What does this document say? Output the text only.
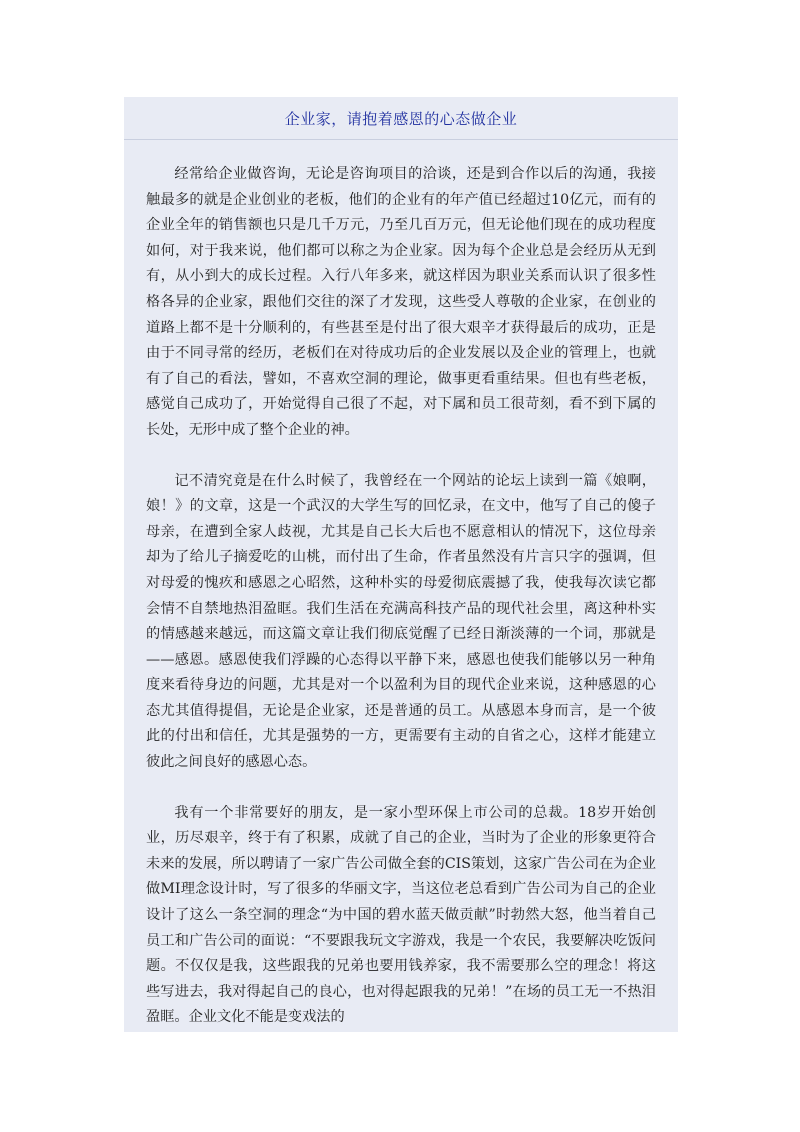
企业家，请抱着感恩的心态做企业

经常给企业做咨询，无论是咨询项目的洽谈，还是到合作以后的沟通，我接触最多的就是企业创业的老板，他们的企业有的年产值已经超过10亿元，而有的企业全年的销售额也只是几千万元，乃至几百万元，但无论他们现在的成功程度如何，对于我来说，他们都可以称之为企业家。因为每个企业总是会经历从无到有，从小到大的成长过程。入行八年多来，就这样因为职业关系而认识了很多性格各异的企业家，跟他们交往的深了才发现，这些受人尊敬的企业家，在创业的道路上都不是十分顺利的，有些甚至是付出了很大艰辛才获得最后的成功，正是由于不同寻常的经历，老板们在对待成功后的企业发展以及企业的管理上，也就有了自己的看法，譬如，不喜欢空洞的理论，做事更看重结果。但也有些老板，感觉自己成功了，开始觉得自己很了不起，对下属和员工很苛刻，看不到下属的长处，无形中成了整个企业的神。

记不清究竟是在什么时候了，我曾经在一个网站的论坛上读到一篇《娘啊，娘！》的文章，这是一个武汉的大学生写的回忆录，在文中，他写了自己的傻子母亲，在遭到全家人歧视，尤其是自己长大后也不愿意相认的情况下，这位母亲却为了给儿子摘爱吃的山桃，而付出了生命，作者虽然没有片言只字的强调，但对母爱的愧疚和感恩之心昭然，这种朴实的母爱彻底震撼了我，使我每次读它都会情不自禁地热泪盈眶。我们生活在充满高科技产品的现代社会里，离这种朴实的情感越来越远，而这篇文章让我们彻底觉醒了已经日渐淡薄的一个词，那就是——感恩。感恩使我们浮躁的心态得以平静下来，感恩也使我们能够以另一种角度来看待身边的问题，尤其是对一个以盈利为目的现代企业来说，这种感恩的心态尤其值得提倡，无论是企业家，还是普通的员工。从感恩本身而言，是一个彼此的付出和信任，尤其是强势的一方，更需要有主动的自省之心，这样才能建立彼此之间良好的感恩心态。

我有一个非常要好的朋友，是一家小型环保上市公司的总裁。18岁开始创业，历尽艰辛，终于有了积累，成就了自己的企业，当时为了企业的形象更符合未来的发展，所以聘请了一家广告公司做全套的CIS策划，这家广告公司在为企业做MI理念设计时，写了很多的华丽文字，当这位老总看到广告公司为自己的企业设计了这么一条空洞的理念“为中国的碧水蓝天做贡献”时勃然大怒，他当着自己员工和广告公司的面说：“不要跟我玩文字游戏，我是一个农民，我要解决吃饭问题。不仅仅是我，这些跟我的兄弟也要用钱养家，我不需要那么空的理念！将这些写进去，我对得起自己的良心，也对得起跟我的兄弟！”在场的员工无一不热泪盈眶。企业文化不能是变戏法的
